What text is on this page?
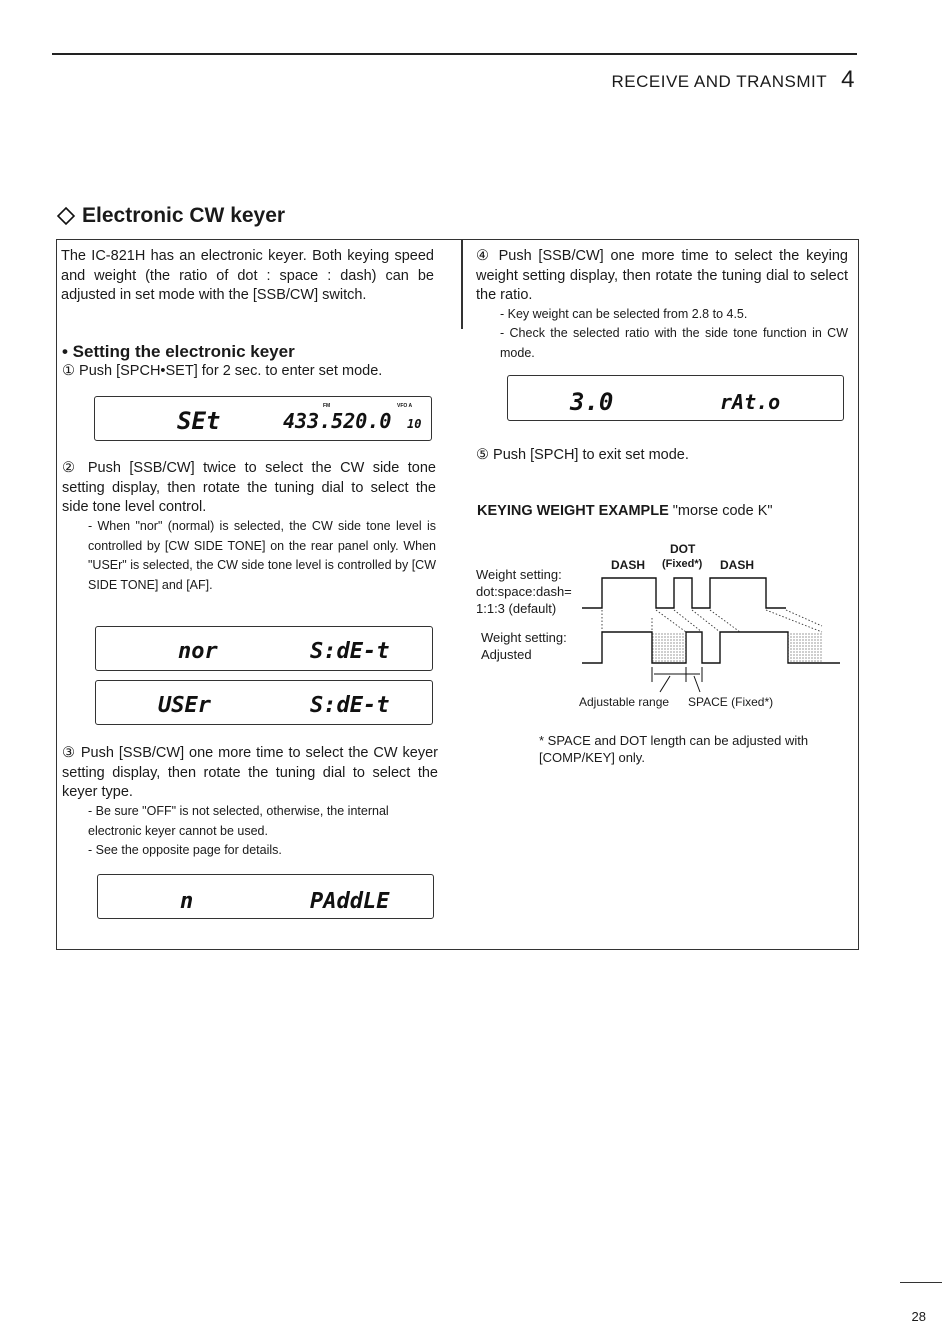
RECEIVE AND TRANSMIT 4
Electronic CW keyer
The IC-821H has an electronic keyer. Both keying speed and weight (the ratio of dot : space : dash) can be adjusted in set mode with the [SSB/CW] switch.
• Setting the electronic keyer
① Push [SPCH•SET] for 2 sec. to enter set mode.
SEt
FM	VFO A
433.520.0 10
② Push [SSB/CW] twice to select the CW side tone setting display, then rotate the tuning dial to select the side tone level control.
- When "nor" (normal) is selected, the CW side tone level is controlled by [CW SIDE TONE] on the rear panel only. When "USEr" is selected, the CW side tone level is controlled by [CW SIDE TONE] and [AF].
nor	S:dE-t
USEr	S:dE-t
③ Push [SSB/CW] one more time to select the CW keyer setting display, then rotate the tuning dial to select the keyer type.
- Be sure "OFF" is not selected, otherwise, the internal electronic keyer cannot be used.
- See the opposite page for details.
n	PAddLE
④ Push [SSB/CW] one more time to select the keying weight setting display, then rotate the tuning dial to select the ratio.
- Key weight can be selected from 2.8 to 4.5.
- Check the selected ratio with the side tone function in CW mode.
3.0	rAt.o
⑤ Push [SPCH] to exit set mode.
KEYING WEIGHT EXAMPLE "morse code K"
DOT
DASH (Fixed*) DASH
Weight setting:
dot:space:dash=
1:1:3 (default)
Weight setting:
Adjusted
Adjustable range SPACE (Fixed*)
* SPACE and DOT length can be adjusted with [COMP/KEY] only.
28
